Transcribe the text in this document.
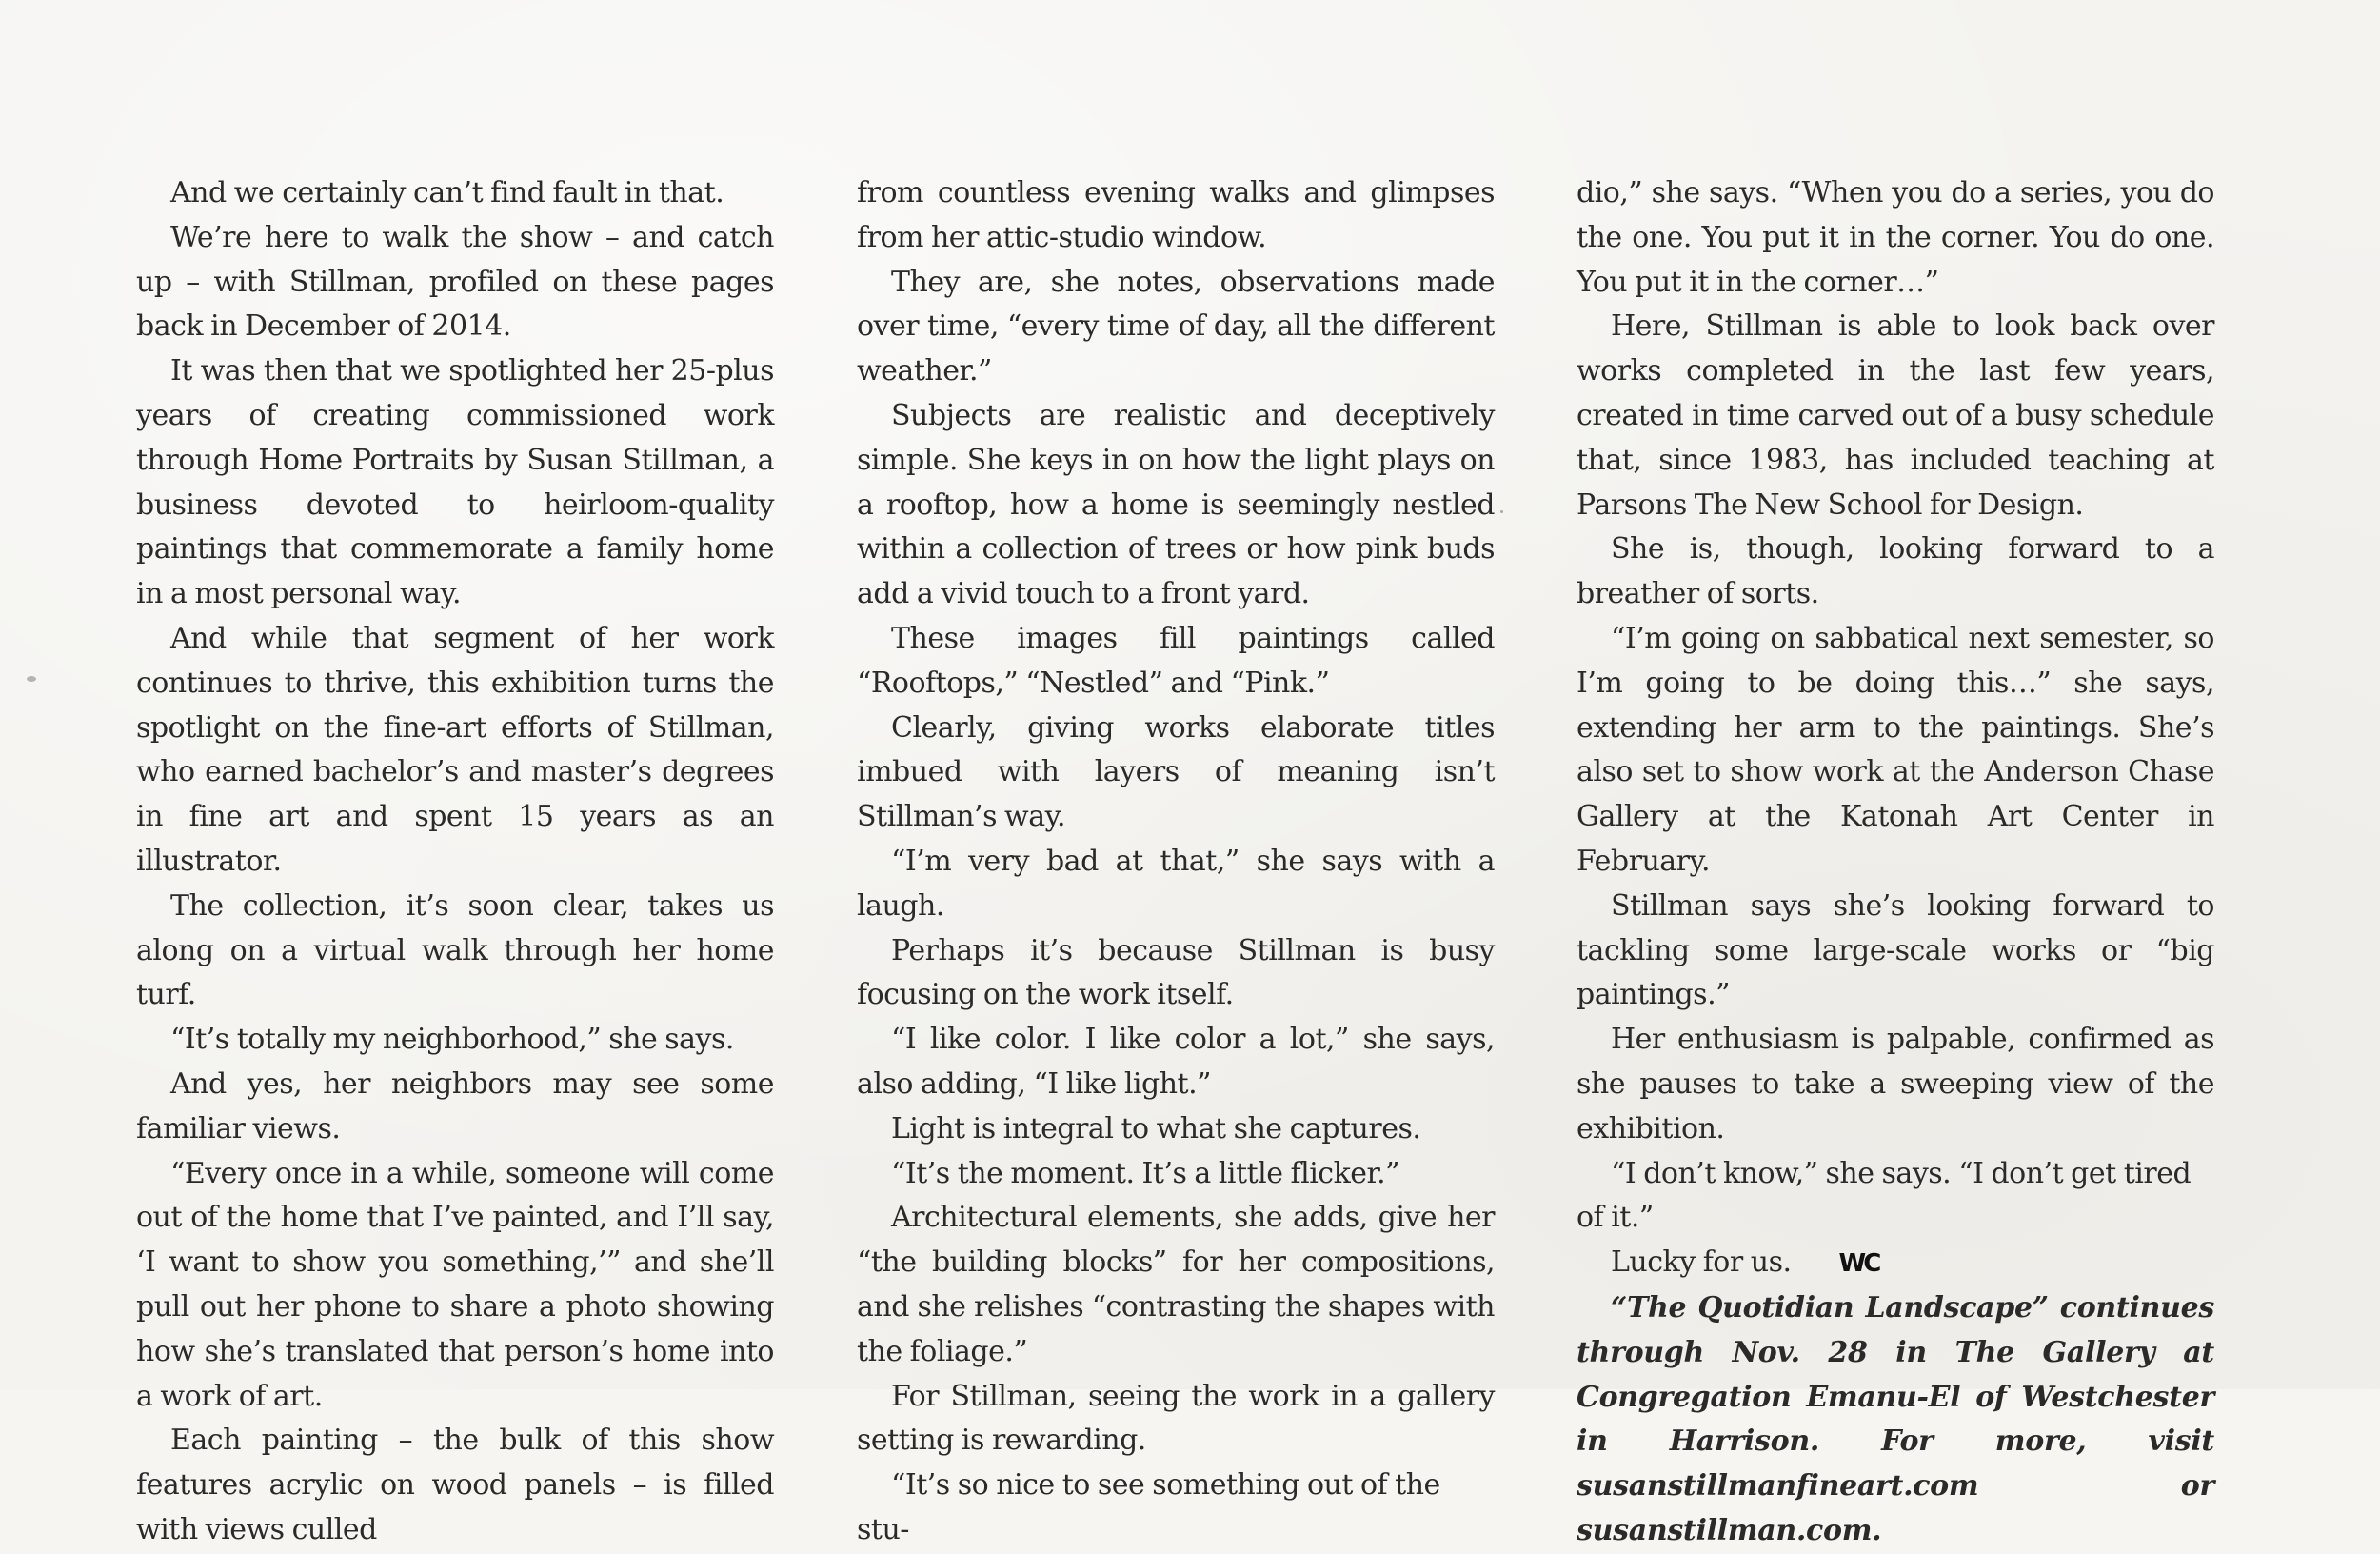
And we certainly can’t find fault in that.

We’re here to walk the show – and catch up – with Stillman, profiled on these pages back in December of 2014.

It was then that we spotlighted her 25-plus years of creating commissioned work through Home Portraits by Susan Stillman, a business devoted to heirloom-quality paintings that commemorate a family home in a most personal way.

And while that segment of her work continues to thrive, this exhibition turns the spotlight on the fine-art efforts of Stillman, who earned bachelor’s and master’s degrees in fine art and spent 15 years as an illustrator.

The collection, it’s soon clear, takes us along on a virtual walk through her home turf.

“It’s totally my neighborhood,” she says.

And yes, her neighbors may see some familiar views.

“Every once in a while, someone will come out of the home that I’ve painted, and I’ll say, ‘I want to show you something,’” and she’ll pull out her phone to share a photo showing how she’s translated that person’s home into a work of art.

Each painting – the bulk of this show features acrylic on wood panels – is filled with views culled

from countless evening walks and glimpses from her attic-studio window.

They are, she notes, observations made over time, “every time of day, all the different weather.”

Subjects are realistic and deceptively simple. She keys in on how the light plays on a rooftop, how a home is seemingly nestled within a collection of trees or how pink buds add a vivid touch to a front yard.

These images fill paintings called “Rooftops,” “Nestled” and “Pink.”

Clearly, giving works elaborate titles imbued with layers of meaning isn’t Stillman’s way.

“I’m very bad at that,” she says with a laugh.

Perhaps it’s because Stillman is busy focusing on the work itself.

“I like color. I like color a lot,” she says, also adding, “I like light.”

Light is integral to what she captures.

“It’s the moment. It’s a little flicker.”

Architectural elements, she adds, give her “the building blocks” for her compositions, and she relishes “contrasting the shapes with the foliage.”

For Stillman, seeing the work in a gallery setting is rewarding.

“It’s so nice to see something out of the stu-

dio,” she says. “When you do a series, you do the one. You put it in the corner. You do one. You put it in the corner…”

Here, Stillman is able to look back over works completed in the last few years, created in time carved out of a busy schedule that, since 1983, has included teaching at Parsons The New School for Design.

She is, though, looking forward to a breather of sorts.

“I’m going on sabbatical next semester, so I’m going to be doing this…” she says, extending her arm to the paintings. She’s also set to show work at the Anderson Chase Gallery at the Katonah Art Center in February.

Stillman says she’s looking forward to tackling some large-scale works or “big paintings.”

Her enthusiasm is palpable, confirmed as she pauses to take a sweeping view of the exhibition.

“I don’t know,” she says. “I don’t get tired of it.”

Lucky for us. WC

“The Quotidian Landscape” continues through Nov. 28 in The Gallery at Congregation Emanu-El of Westchester in Harrison. For more, visit susanstillmanfineart.com or susanstillman.com.
